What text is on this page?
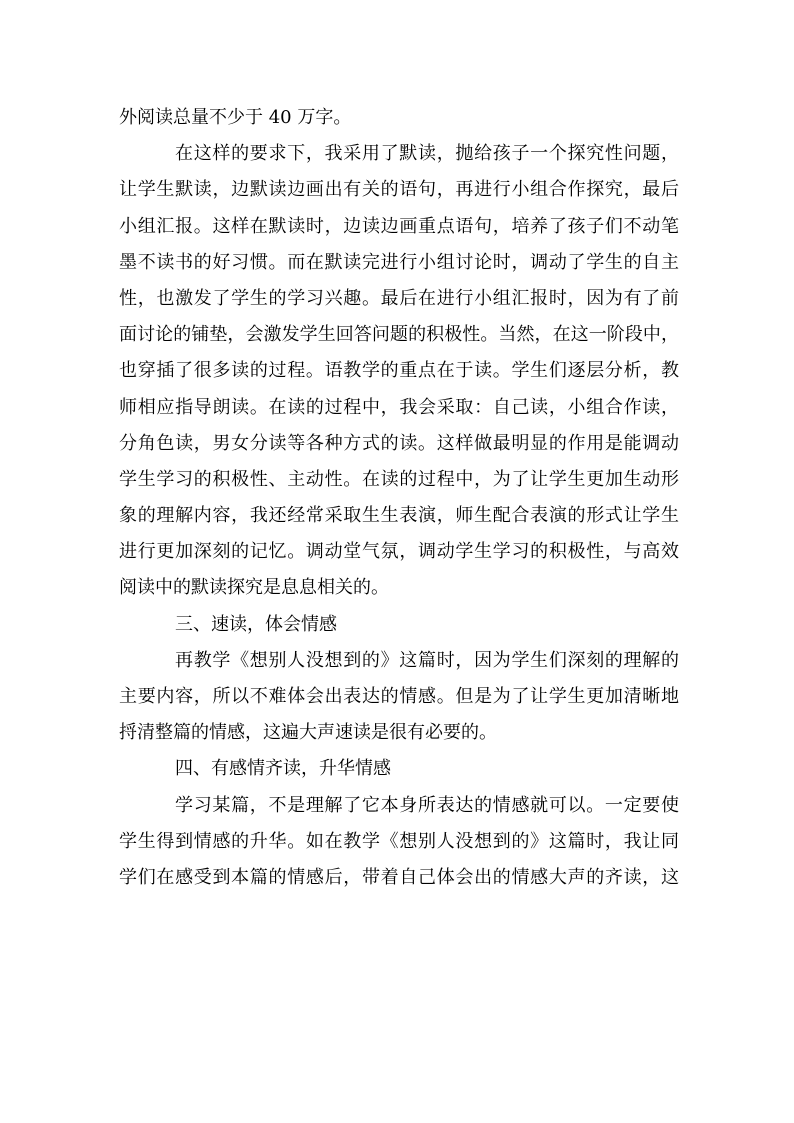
外阅读总量不少于 40 万字。
在这样的要求下，我采用了默读，抛给孩子一个探究性问题，
让学生默读，边默读边画出有关的语句，再进行小组合作探究，最后
小组汇报。这样在默读时，边读边画重点语句，培养了孩子们不动笔
墨不读书的好习惯。而在默读完进行小组讨论时，调动了学生的自主
性，也激发了学生的学习兴趣。最后在进行小组汇报时，因为有了前
面讨论的铺垫，会激发学生回答问题的积极性。当然，在这一阶段中，
也穿插了很多读的过程。语教学的重点在于读。学生们逐层分析，教
师相应指导朗读。在读的过程中，我会采取：自己读，小组合作读，
分角色读，男女分读等各种方式的读。这样做最明显的作用是能调动
学生学习的积极性、主动性。在读的过程中，为了让学生更加生动形
象的理解内容，我还经常采取生生表演，师生配合表演的形式让学生
进行更加深刻的记忆。调动堂气氛，调动学生学习的积极性，与高效
阅读中的默读探究是息息相关的。
三、速读，体会情感
再教学《想别人没想到的》这篇时，因为学生们深刻的理解的
主要内容，所以不难体会出表达的情感。但是为了让学生更加清晰地
捋清整篇的情感，这遍大声速读是很有必要的。
四、有感情齐读，升华情感
学习某篇，不是理解了它本身所表达的情感就可以。一定要使
学生得到情感的升华。如在教学《想别人没想到的》这篇时，我让同
学们在感受到本篇的情感后，带着自己体会出的情感大声的齐读，这
